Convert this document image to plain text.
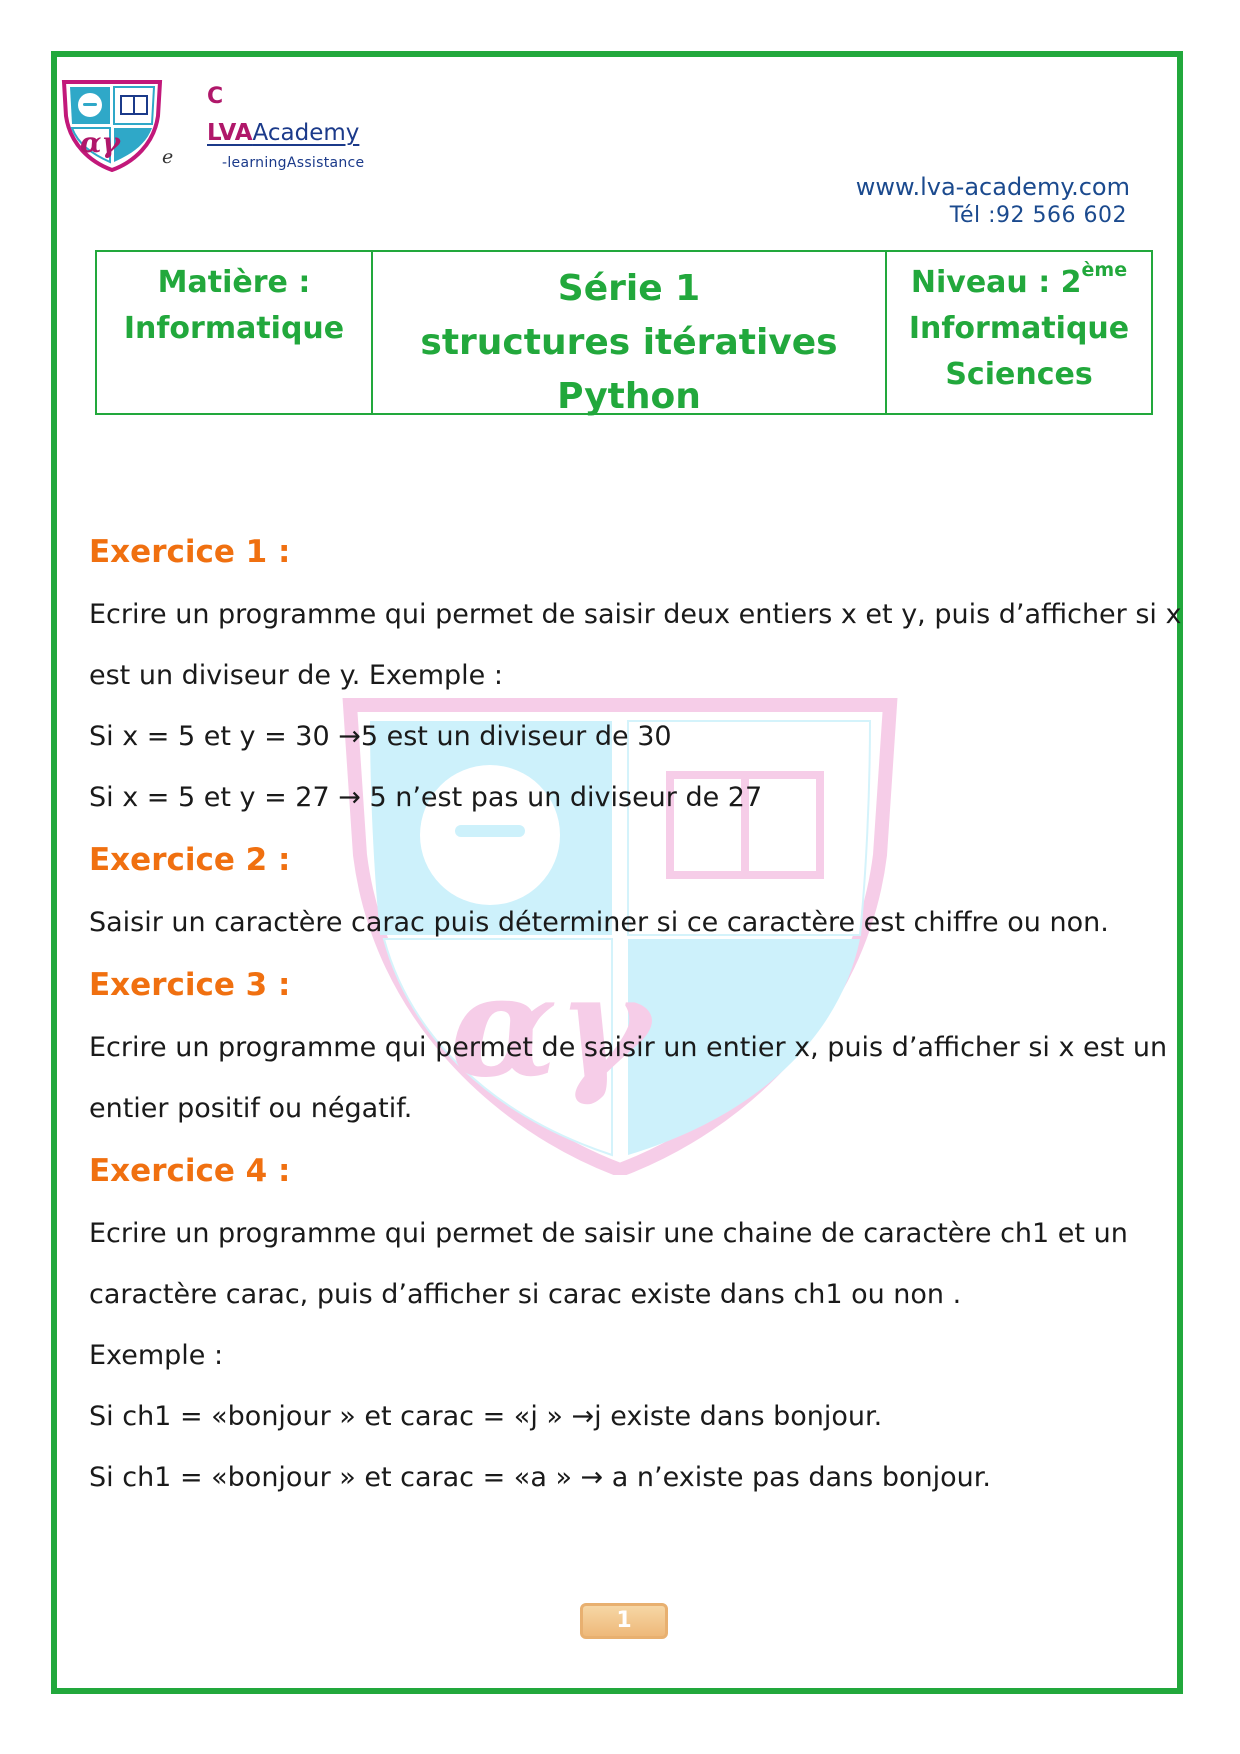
αγ e
C
LVAAcademy
-learningAssistance
www.lva-academy.com
Tél :92 566 602
Matière :
Informatique
Série 1
structures itératives
Python
Niveau : 2ème
Informatique
Sciences
αγ

Exercice 1 :

Ecrire un programme qui permet de saisir deux entiers x et y, puis d’afficher si x

est un diviseur de y. Exemple :

Si x = 5 et y = 30 →5 est un diviseur de 30

Si x = 5 et y = 27 → 5 n’est pas un diviseur de 27

Exercice 2 :

Saisir un caractère carac puis déterminer si ce caractère est chiffre ou non.

Exercice 3 :

Ecrire un programme qui permet de saisir un entier x, puis d’afficher si x est un

entier positif ou négatif.

Exercice 4 :

Ecrire un programme qui permet de saisir une chaine de caractère ch1 et un

caractère carac, puis d’afficher si carac existe dans ch1 ou non .

Exemple :

Si ch1 = «bonjour » et carac = «j » →j existe dans bonjour.

Si ch1 = «bonjour » et carac = «a » → a n’existe pas dans bonjour.

1
